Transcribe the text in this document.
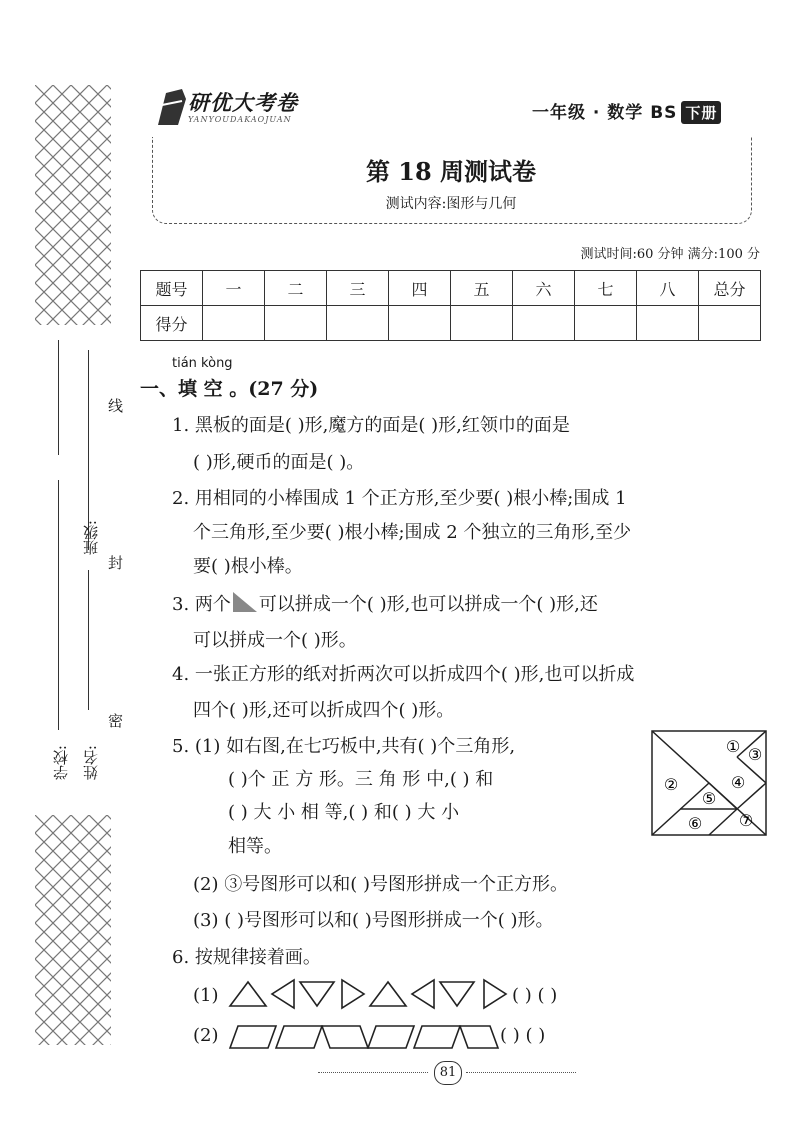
学校: 姓名:
班级:
线
封
密
研优大考卷
YANYOUDAKAOJUAN	一年级 · 数学 BS 下册
第 18 周测试卷
测试内容:图形与几何
测试时间:60 分钟 满分:100 分
题号	一	二	三	四	五	六	七	八	总分
得分									
tián kòng
一、填 空 。(27 分)
1. 黑板的面是( )形,魔方的面是( )形,红领巾的面是
( )形,硬币的面是( )。
2. 用相同的小棒围成 1 个正方形,至少要( )根小棒;围成 1
个三角形,至少要( )根小棒;围成 2 个独立的三角形,至少
要( )根小棒。
3. 两个 可以拼成一个( )形,也可以拼成一个( )形,还
可以拼成一个( )形。
4. 一张正方形的纸对折两次可以折成四个( )形,也可以折成
四个( )形,还可以折成四个( )形。
5. (1) 如右图,在七巧板中,共有( )个三角形,
( )个 正 方 形。三 角 形 中,( ) 和
( ) 大 小 相 等,( ) 和( ) 大 小
相等。
①
②
③
④
⑤
⑥ ⑦
(2) ③号图形可以和( )号图形拼成一个正方形。
(3) ( )号图形可以和( )号图形拼成一个( )形。
6. 按规律接着画。
(1)	( ) ( )
(2)	( ) ( )
81
